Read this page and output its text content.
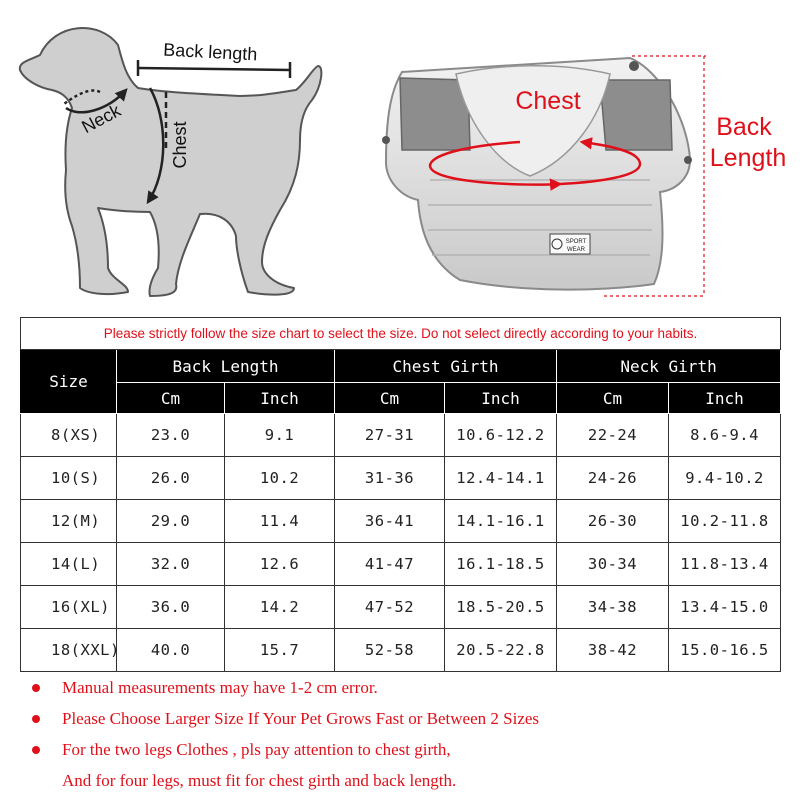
Back length
Neck
Chest
SPORT
WEAR
Chest
Back
Length
Please strictly follow the size chart to select the size. Do not select directly according to your habits.						
Size	Back Length		Chest Girth		Neck Girth	
	Cm	Inch	Cm	Inch	Cm	Inch
8(XS)	23.0	9.1	27-31	10.6-12.2	22-24	8.6-9.4
10(S)	26.0	10.2	31-36	12.4-14.1	24-26	9.4-10.2
12(M)	29.0	11.4	36-41	14.1-16.1	26-30	10.2-11.8
14(L)	32.0	12.6	41-47	16.1-18.5	30-34	11.8-13.4
16(XL)	36.0	14.2	47-52	18.5-20.5	34-38	13.4-15.0
18(XXL)	40.0	15.7	52-58	20.5-22.8	38-42	15.0-16.5
Manual measurements may have 1-2 cm error.
Please Choose Larger Size If Your Pet Grows Fast or Between 2 Sizes
For the two legs Clothes , pls pay attention to chest girth,
And for four legs, must fit for chest girth and back length.
